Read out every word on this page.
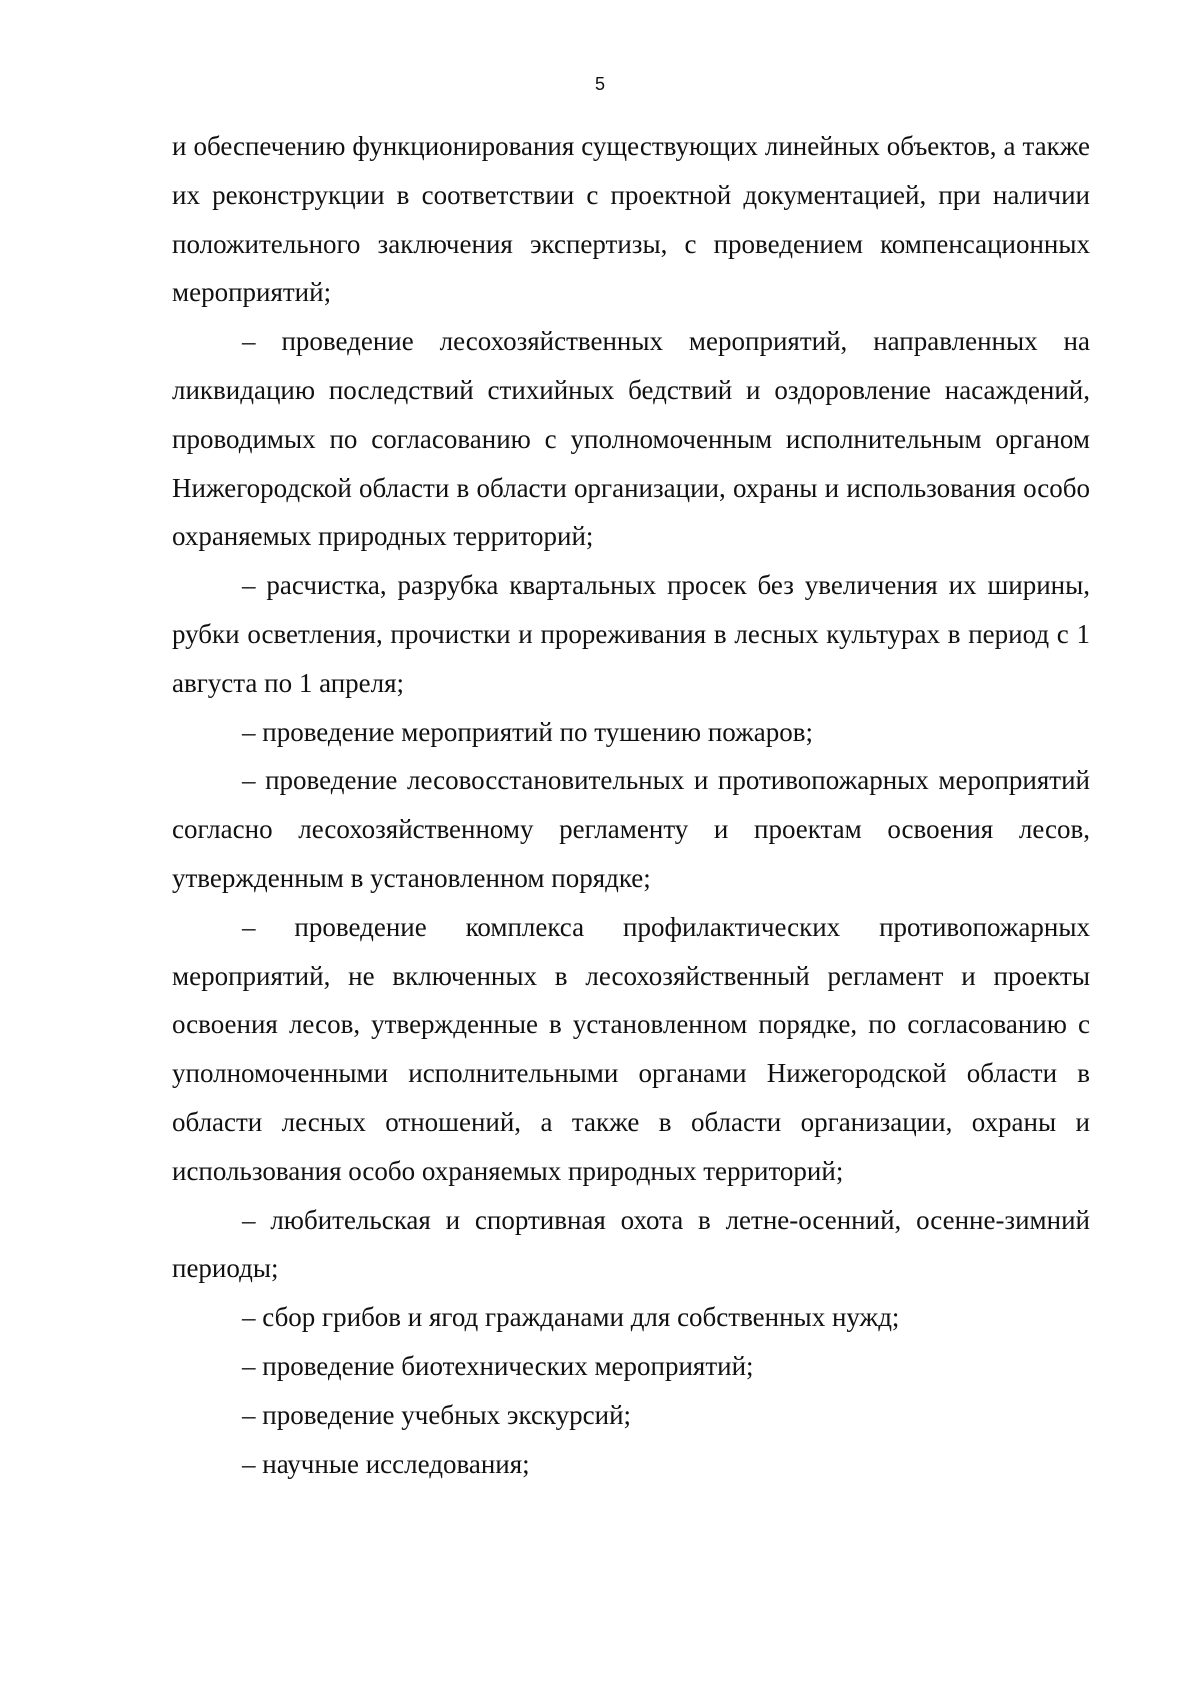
5

и обеспечению функционирования существующих линейных объектов, а также их реконструкции в соответствии с проектной документацией, при наличии положительного заключения экспертизы, с проведением компенсационных мероприятий;

– проведение лесохозяйственных мероприятий, направленных на ликвидацию последствий стихийных бедствий и оздоровление насаждений, проводимых по согласованию с уполномоченным исполнительным органом Нижегородской области в области организации, охраны и использования особо охраняемых природных территорий;

– расчистка, разрубка квартальных просек без увеличения их ширины, рубки осветления, прочистки и прореживания в лесных культурах в период с 1 августа по 1 апреля;

– проведение мероприятий по тушению пожаров;

– проведение лесовосстановительных и противопожарных мероприятий согласно лесохозяйственному регламенту и проектам освоения лесов, утвержденным в установленном порядке;

– проведение комплекса профилактических противопожарных мероприятий, не включенных в лесохозяйственный регламент и проекты освоения лесов, утвержденные в установленном порядке, по согласованию с уполномоченными исполнительными органами Нижегородской области в области лесных отношений, а также в области организации, охраны и использования особо охраняемых природных территорий;

– любительская и спортивная охота в летне-осенний, осенне-зимний периоды;

– сбор грибов и ягод гражданами для собственных нужд;

– проведение биотехнических мероприятий;

– проведение учебных экскурсий;

– научные исследования;
